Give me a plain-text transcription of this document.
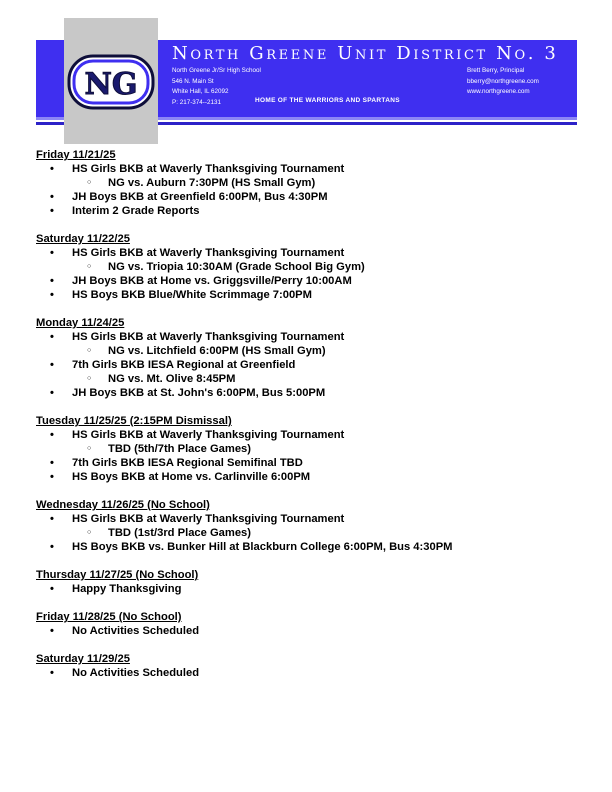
NG
North Greene Unit District No. 3
North Greene Jr/Sr High School
546 N. Main St
White Hall, IL 62092
P: 217-374--2131
Brett Berry, Principal
bberry@northgreene.com
www.northgreene.com
HOME OF THE WARRIORS AND SPARTANS
Friday 11/21/25
• HS Girls BKB at Waverly Thanksgiving Tournament
○ NG vs. Auburn 7:30PM (HS Small Gym)
• JH Boys BKB at Greenfield 6:00PM, Bus 4:30PM
• Interim 2 Grade Reports
Saturday 11/22/25
• HS Girls BKB at Waverly Thanksgiving Tournament
○ NG vs. Triopia 10:30AM (Grade School Big Gym)
• JH Boys BKB at Home vs. Griggsville/Perry 10:00AM
• HS Boys BKB Blue/White Scrimmage 7:00PM
Monday 11/24/25
• HS Girls BKB at Waverly Thanksgiving Tournament
○ NG vs. Litchfield 6:00PM (HS Small Gym)
• 7th Girls BKB IESA Regional at Greenfield
○ NG vs. Mt. Olive 8:45PM
• JH Boys BKB at St. John's 6:00PM, Bus 5:00PM
Tuesday 11/25/25 (2:15PM Dismissal)
• HS Girls BKB at Waverly Thanksgiving Tournament
○ TBD (5th/7th Place Games)
• 7th Girls BKB IESA Regional Semifinal TBD
• HS Boys BKB at Home vs. Carlinville 6:00PM
Wednesday 11/26/25 (No School)
• HS Girls BKB at Waverly Thanksgiving Tournament
○ TBD (1st/3rd Place Games)
• HS Boys BKB vs. Bunker Hill at Blackburn College 6:00PM, Bus 4:30PM
Thursday 11/27/25 (No School)
• Happy Thanksgiving
Friday 11/28/25 (No School)
• No Activities Scheduled
Saturday 11/29/25
• No Activities Scheduled
